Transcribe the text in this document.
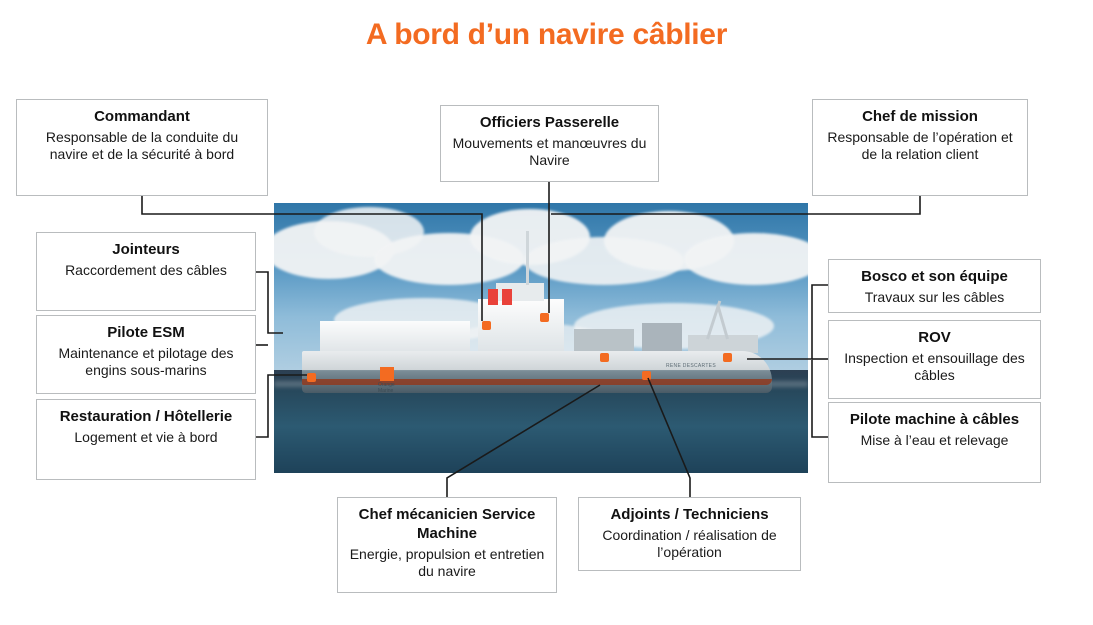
A bord d’un navire câblier
Orange
Marine
RENE DESCARTES
Commandant
Responsable de la conduite du navire et de la sécurité à bord
Officiers Passerelle
Mouvements et manœuvres du Navire
Chef de mission
Responsable de l’opération et de la relation client
Jointeurs
Raccordement des câbles
Pilote ESM
Maintenance et pilotage des engins sous-marins
Restauration / Hôtellerie
Logement et vie à bord
Bosco et son équipe
Travaux sur les câbles
ROV
Inspection et ensouillage des câbles
Pilote machine à câbles
Mise à l’eau et relevage
Chef mécanicien Service Machine
Energie, propulsion et entretien du navire
Adjoints / Techniciens
Coordination / réalisation de l’opération
